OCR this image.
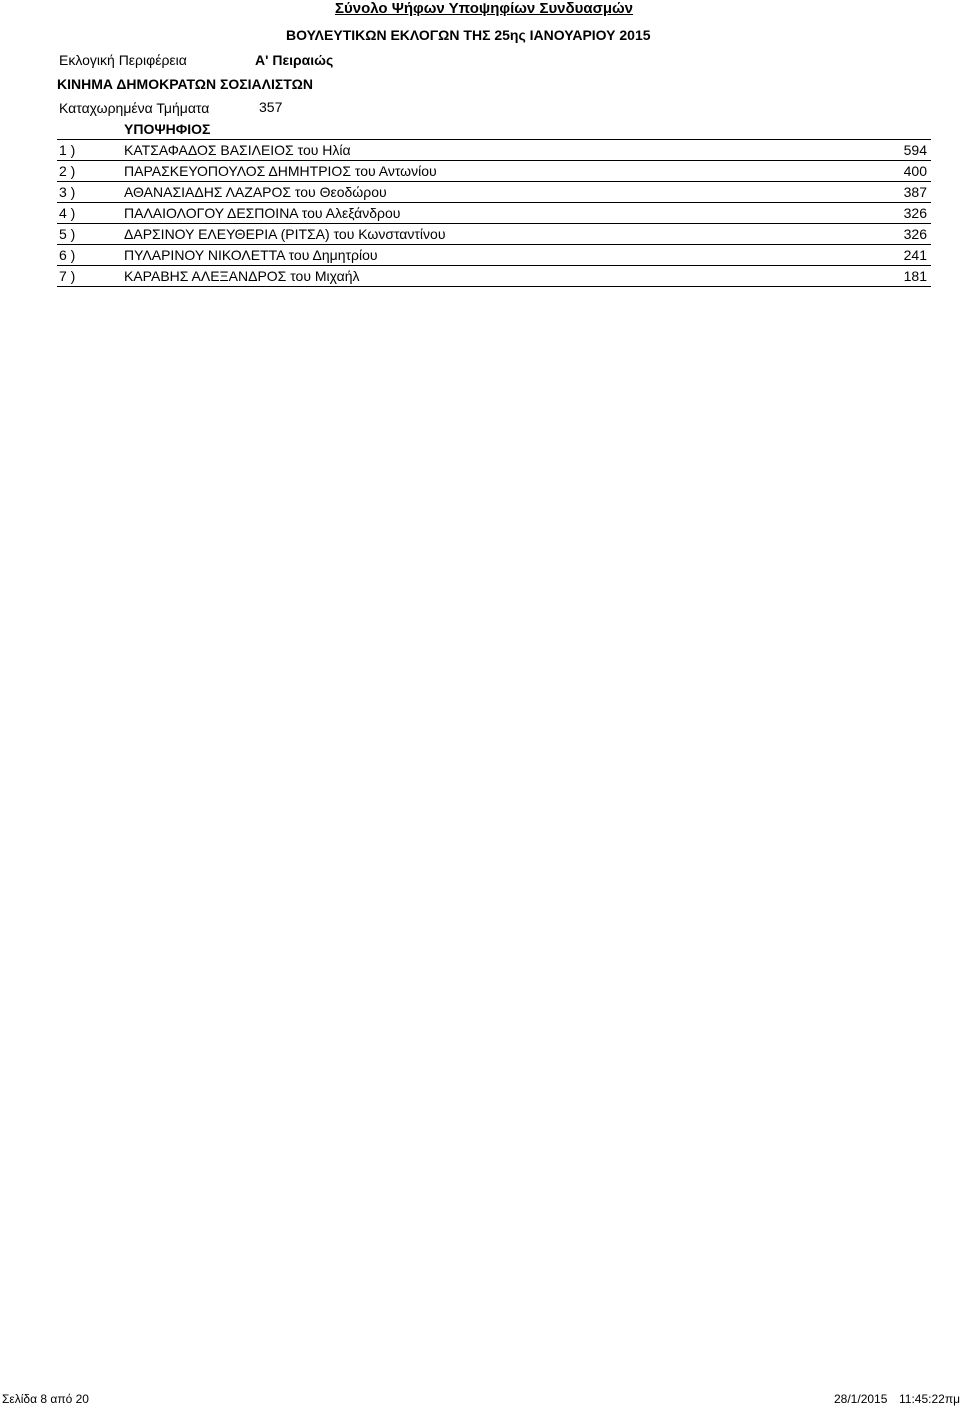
Σύνολο Ψήφων Υποψηφίων Συνδυασμών
ΒΟΥΛΕΥΤΙΚΩΝ ΕΚΛΟΓΩΝ ΤΗΣ 25ης ΙΑΝΟΥΑΡΙΟΥ 2015
Εκλογική Περιφέρεια	Α' Πειραιώς
ΚΙΝΗΜΑ ΔΗΜΟΚΡΑΤΩΝ ΣΟΣΙΑΛΙΣΤΩΝ
Καταχωρημένα Τμήματα	357
ΥΠΟΨΗΦΙΟΣ
1 )	ΚΑΤΣΑΦΑΔΟΣ ΒΑΣΙΛΕΙΟΣ του Ηλία	594
2 )	ΠΑΡΑΣΚΕΥΟΠΟΥΛΟΣ ΔΗΜΗΤΡΙΟΣ του Αντωνίου	400
3 )	ΑΘΑΝΑΣΙΑΔΗΣ ΛΑΖΑΡΟΣ του Θεοδώρου	387
4 )	ΠΑΛΑΙΟΛΟΓΟΥ ΔΕΣΠΟΙΝΑ του Αλεξάνδρου	326
5 )	ΔΑΡΣΙΝΟΥ ΕΛΕΥΘΕΡΙΑ (ΡΙΤΣΑ) του Κωνσταντίνου	326
6 )	ΠΥΛΑΡΙΝΟΥ ΝΙΚΟΛΕΤΤΑ του Δημητρίου	241
7 )	ΚΑΡΑΒΗΣ ΑΛΕΞΑΝΔΡΟΣ του Μιχαήλ	181
Σελίδα 8 από 20	28/1/2015 11:45:22πμ
